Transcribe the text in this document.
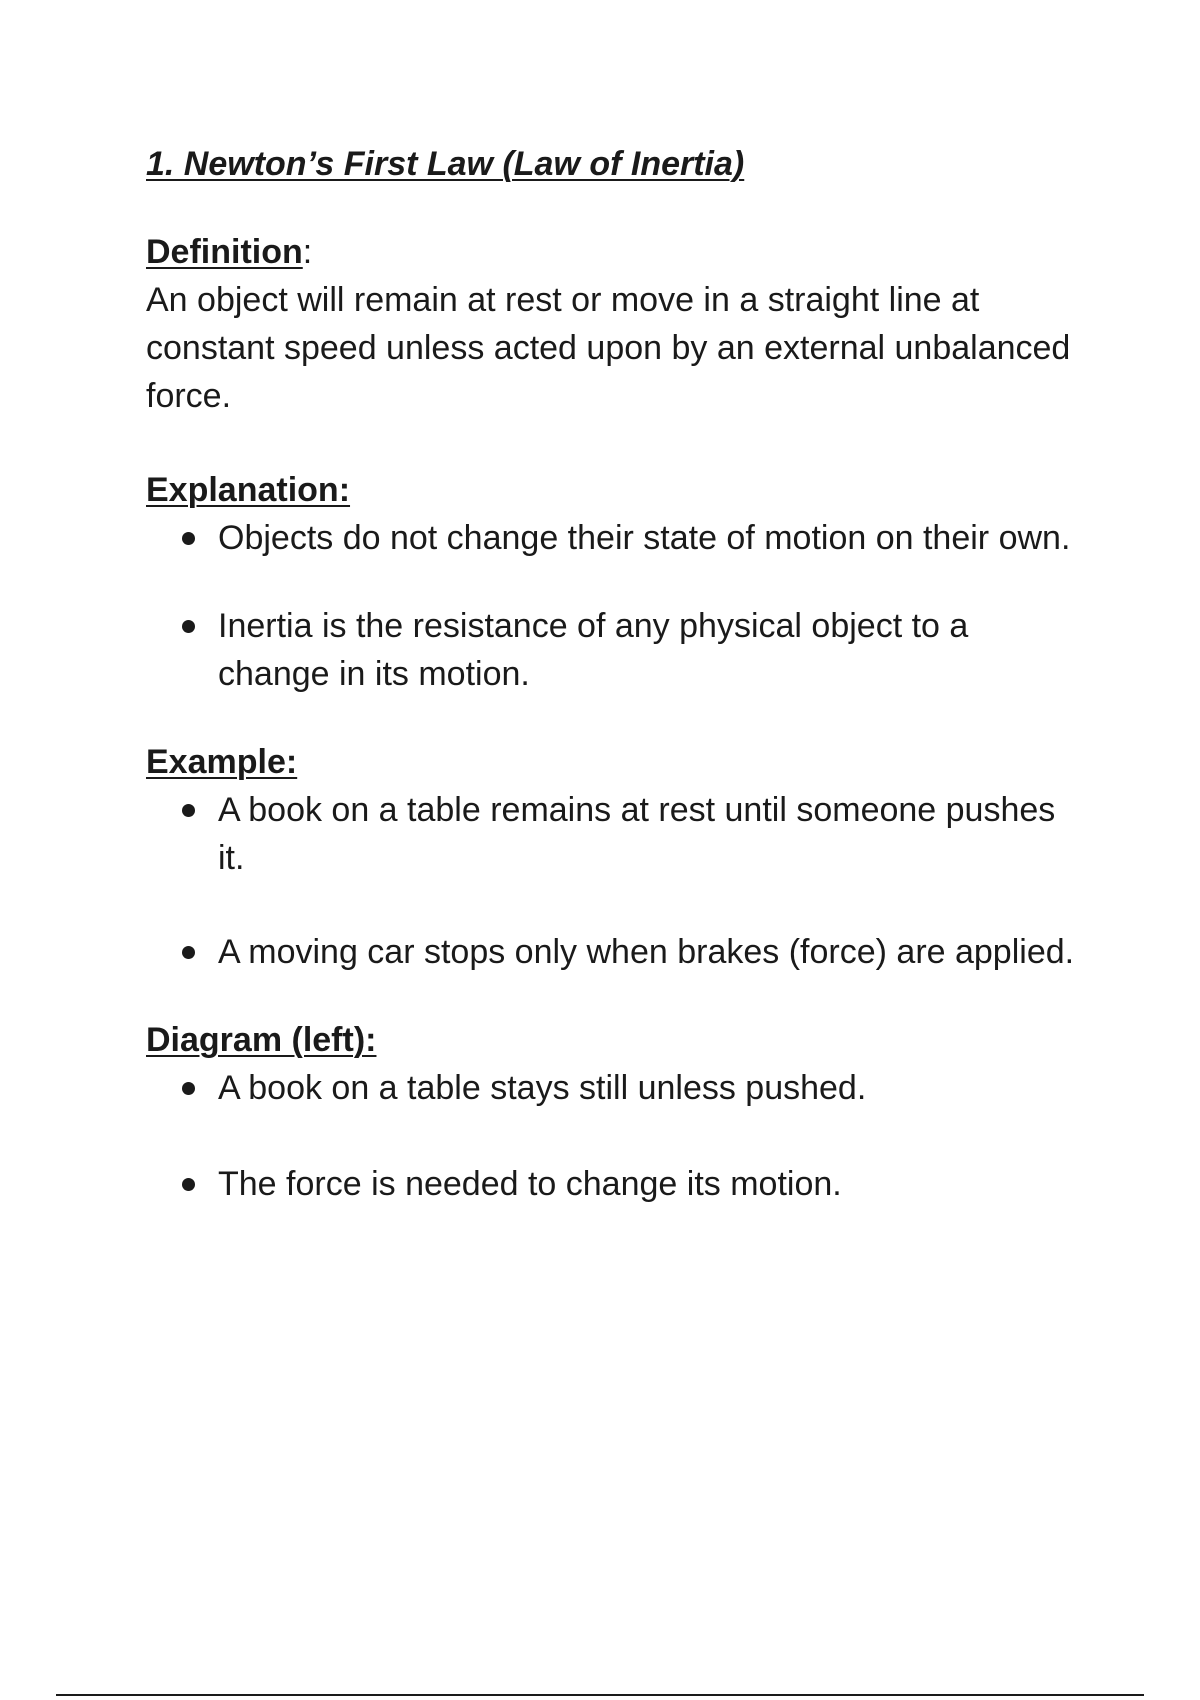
1. Newton’s First Law (Law of Inertia)

Definition:

An object will remain at rest or move in a straight line at constant speed unless acted upon by an external unbalanced force.

Explanation:

Objects do not change their state of motion on their own.
Inertia is the resistance of any physical object to a change in its motion.

Example:

A book on a table remains at rest until someone pushes it.
A moving car stops only when brakes (force) are applied.

Diagram (left):

A book on a table stays still unless pushed.
The force is needed to change its motion.
